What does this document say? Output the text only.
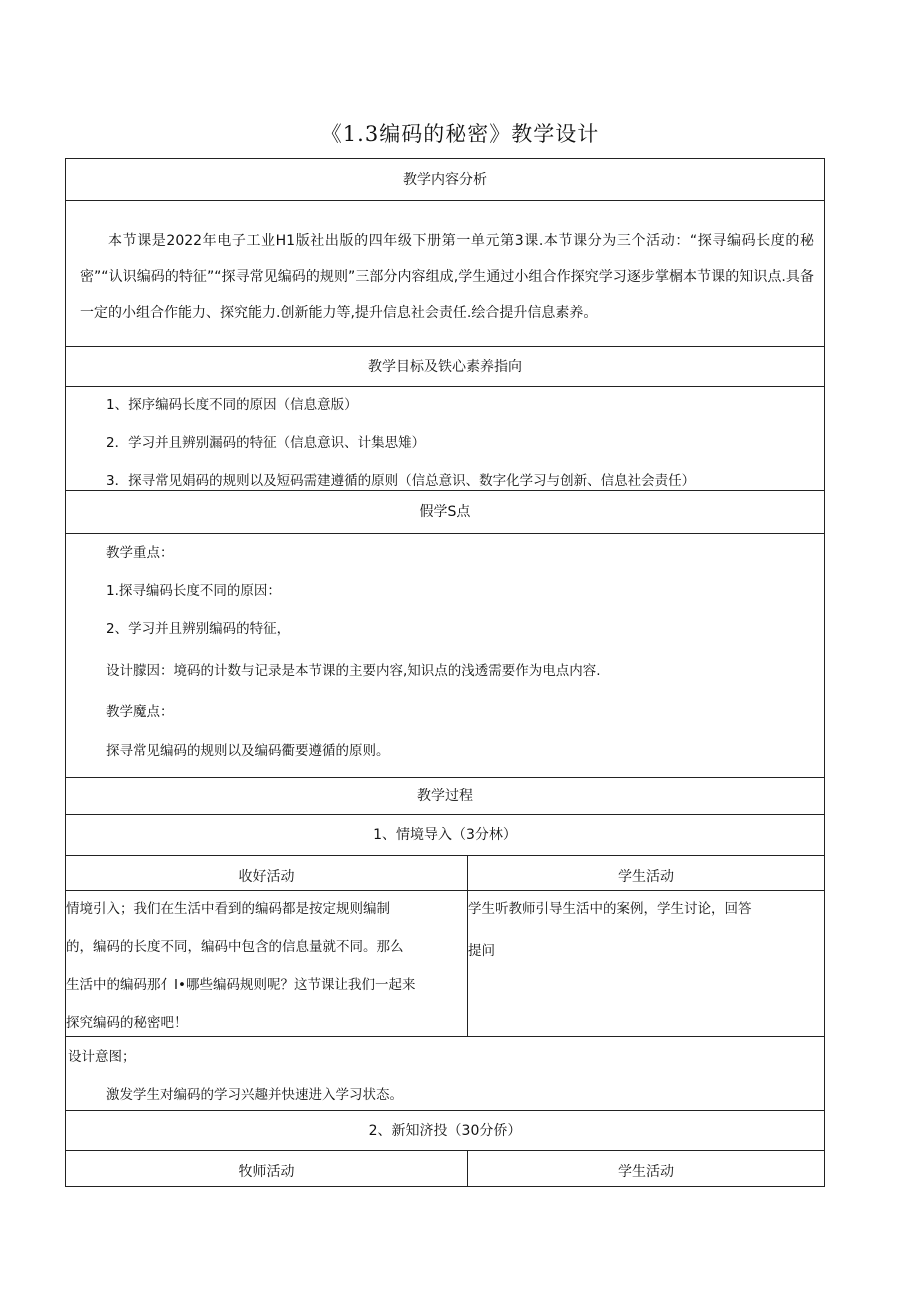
《1.3编码的秘密》教学设计
教学内容分析
本节课是2022年电子工业H1版社出版的四年级下册第一单元第3课.本节课分为三个活动：“探寻编码长度的秘密”“认识编码的特征”“探寻常见编码的规则”三部分内容组成,学生通过小组合作探究学习逐步掌榍本节课的知识点.具备一定的小组合作能力、探究能力.创新能力等,提升信息社会责任.绘合提升信息素养。
教学目标及铁心素养指向
1、探序编码长度不同的原因（信息意版）
2．学习并且辨别漏码的特征（信息意识、计集思雉）
3．探寻常见娟码的规则以及短码需建遵循的原则（信总意识、数字化学习与创新、信息社会责任）
假学S点
教学重点：
1.探寻编码长度不同的原因：
2、学习并且辨别编码的特征，
设计朦因：境码的计数与记录是本节课的主要内容,知识点的浅透需要作为电点内容.
教学魔点：
探寻常见编码的规则以及编码衢要遵循的原则。
教学过程
1、情境导入（3分林）
收好活动	学生活动
情境引入；我们在生活中看到的编码都是按定规则编制
的，编码的长度不同，编码中包含的信息量就不同。那么
生活中的编码那亻I•哪些编码规则呢？这节课让我们一起来
探究编码的秘密吧！
学生听教师引导生活中的案例，学生讨论，回答
提问
设计意图；
激发学生对编码的学习兴趣并快速进入学习状态。
2、新知济投（30分侨）
牧师活动	学生活动
